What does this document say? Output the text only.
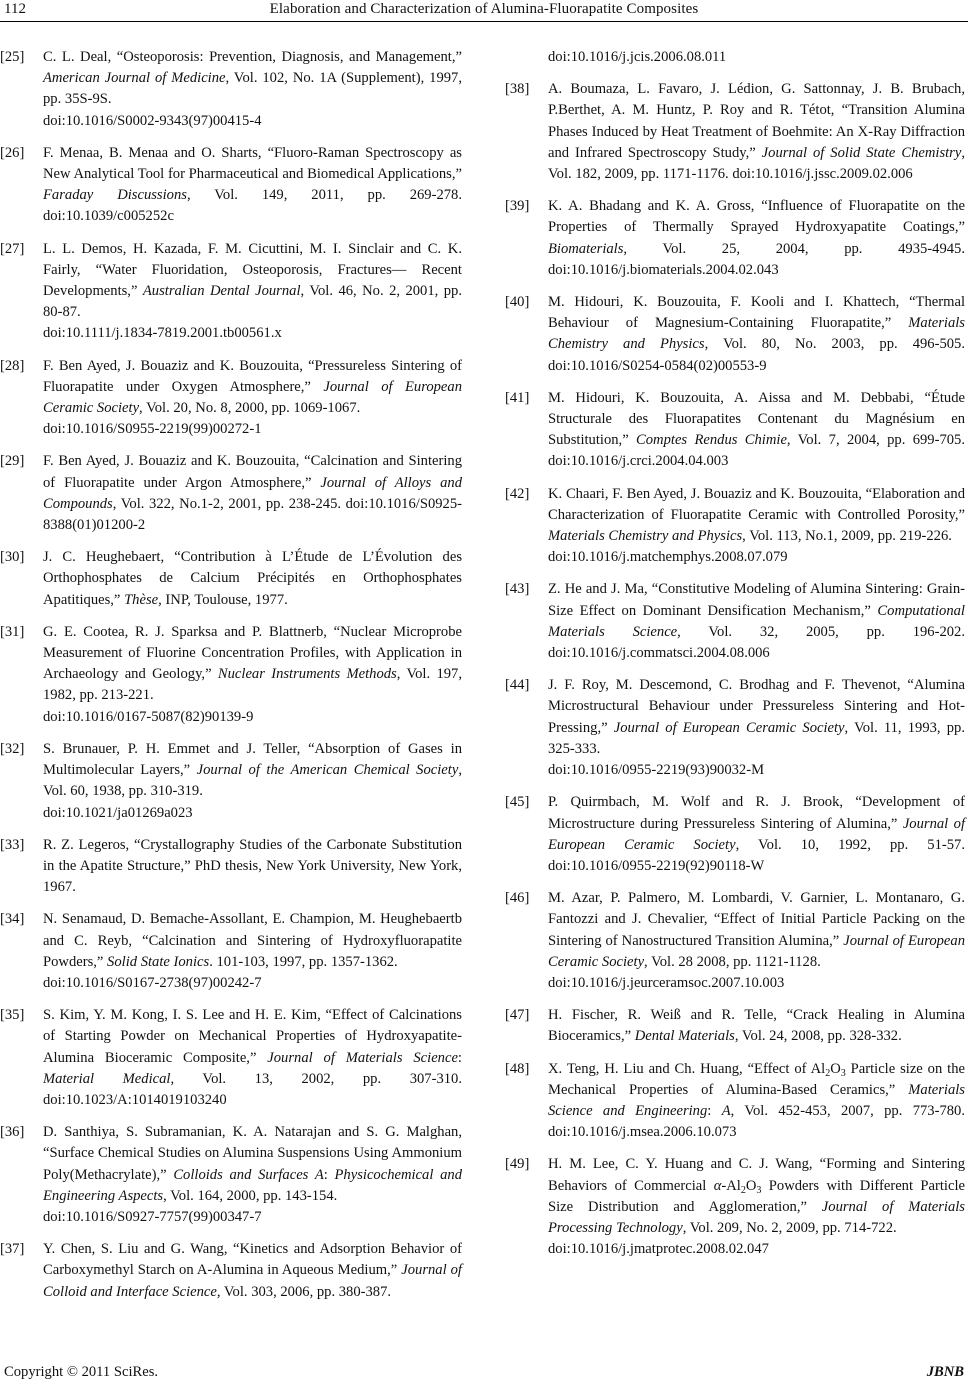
112	Elaboration and Characterization of Alumina-Fluorapatite Composites
[25] C. L. Deal, “Osteoporosis: Prevention, Diagnosis, and Management,” American Journal of Medicine, Vol. 102, No. 1A (Supplement), 1997, pp. 35S-9S.
doi:10.1016/S0002-9343(97)00415-4
[26] F. Menaa, B. Menaa and O. Sharts, “Fluoro-Raman Spectroscopy as New Analytical Tool for Pharmaceutical and Biomedical Applications,” Faraday Discussions, Vol. 149, 2011, pp. 269-278. doi:10.1039/c005252c
[27] L. L. Demos, H. Kazada, F. M. Cicuttini, M. I. Sinclair and C. K. Fairly, “Water Fluoridation, Osteoporosis, Fractures— Recent Developments,” Australian Dental Journal, Vol. 46, No. 2, 2001, pp. 80-87.
doi:10.1111/j.1834-7819.2001.tb00561.x
[28] F. Ben Ayed, J. Bouaziz and K. Bouzouita, “Pressureless Sintering of Fluorapatite under Oxygen Atmosphere,” Journal of European Ceramic Society, Vol. 20, No. 8, 2000, pp. 1069-1067.
doi:10.1016/S0955-2219(99)00272-1
[29] F. Ben Ayed, J. Bouaziz and K. Bouzouita, “Calcination and Sintering of Fluorapatite under Argon Atmosphere,” Journal of Alloys and Compounds, Vol. 322, No.1-2, 2001, pp. 238-245. doi:10.1016/S0925-8388(01)01200-2
[30] J. C. Heughebaert, “Contribution à L’Étude de L’Évolution des Orthophosphates de Calcium Précipités en Orthophosphates Apatitiques,” Thèse, INP, Toulouse, 1977.
[31] G. E. Cootea, R. J. Sparksa and P. Blattnerb, “Nuclear Microprobe Measurement of Fluorine Concentration Profiles, with Application in Archaeology and Geology,” Nuclear Instruments Methods, Vol. 197, 1982, pp. 213-221.
doi:10.1016/0167-5087(82)90139-9
[32] S. Brunauer, P. H. Emmet and J. Teller, “Absorption of Gases in Multimolecular Layers,” Journal of the American Chemical Society, Vol. 60, 1938, pp. 310-319.
doi:10.1021/ja01269a023
[33] R. Z. Legeros, “Crystallography Studies of the Carbonate Substitution in the Apatite Structure,” PhD thesis, New York University, New York, 1967.
[34] N. Senamaud, D. Bemache-Assollant, E. Champion, M. Heughebaertb and C. Reyb, “Calcination and Sintering of Hydroxyfluorapatite Powders,” Solid State Ionics. 101-103, 1997, pp. 1357-1362.
doi:10.1016/S0167-2738(97)00242-7
[35] S. Kim, Y. M. Kong, I. S. Lee and H. E. Kim, “Effect of Calcinations of Starting Powder on Mechanical Properties of Hydroxyapatite-Alumina Bioceramic Composite,” Journal of Materials Science: Material Medical, Vol. 13, 2002, pp. 307-310. doi:10.1023/A:1014019103240
[36] D. Santhiya, S. Subramanian, K. A. Natarajan and S. G. Malghan, “Surface Chemical Studies on Alumina Suspensions Using Ammonium Poly(Methacrylate),” Colloids and Surfaces A: Physicochemical and Engineering Aspects, Vol. 164, 2000, pp. 143-154.
doi:10.1016/S0927-7757(99)00347-7
[37] Y. Chen, S. Liu and G. Wang, “Kinetics and Adsorption Behavior of Carboxymethyl Starch on A-Alumina in Aqueous Medium,” Journal of Colloid and Interface Science, Vol. 303, 2006, pp. 380-387.
doi:10.1016/j.jcis.2006.08.011
[38] A. Boumaza, L. Favaro, J. Lédion, G. Sattonnay, J. B. Brubach, P.Berthet, A. M. Huntz, P. Roy and R. Tétot, “Transition Alumina Phases Induced by Heat Treatment of Boehmite: An X-Ray Diffraction and Infrared Spectroscopy Study,” Journal of Solid State Chemistry, Vol. 182, 2009, pp. 1171-1176. doi:10.1016/j.jssc.2009.02.006
[39] K. A. Bhadang and K. A. Gross, “Influence of Fluorapatite on the Properties of Thermally Sprayed Hydroxyapatite Coatings,” Biomaterials, Vol. 25, 2004, pp. 4935-4945. doi:10.1016/j.biomaterials.2004.02.043
[40] M. Hidouri, K. Bouzouita, F. Kooli and I. Khattech, “Thermal Behaviour of Magnesium-Containing Fluorapatite,” Materials Chemistry and Physics, Vol. 80, No. 2003, pp. 496-505. doi:10.1016/S0254-0584(02)00553-9
[41] M. Hidouri, K. Bouzouita, A. Aissa and M. Debbabi, “Étude Structurale des Fluorapatites Contenant du Magnésium en Substitution,” Comptes Rendus Chimie, Vol. 7, 2004, pp. 699-705. doi:10.1016/j.crci.2004.04.003
[42] K. Chaari, F. Ben Ayed, J. Bouaziz and K. Bouzouita, “Elaboration and Characterization of Fluorapatite Ceramic with Controlled Porosity,” Materials Chemistry and Physics, Vol. 113, No.1, 2009, pp. 219-226.
doi:10.1016/j.matchemphys.2008.07.079
[43] Z. He and J. Ma, “Constitutive Modeling of Alumina Sintering: Grain-Size Effect on Dominant Densification Mechanism,” Computational Materials Science, Vol. 32, 2005, pp. 196-202. doi:10.1016/j.commatsci.2004.08.006
[44] J. F. Roy, M. Descemond, C. Brodhag and F. Thevenot, “Alumina Microstructural Behaviour under Pressureless Sintering and Hot-Pressing,” Journal of European Ceramic Society, Vol. 11, 1993, pp. 325-333.
doi:10.1016/0955-2219(93)90032-M
[45] P. Quirmbach, M. Wolf and R. J. Brook, “Development of Microstructure during Pressureless Sintering of Alumina,” Journal of European Ceramic Society, Vol. 10, 1992, pp. 51-57. doi:10.1016/0955-2219(92)90118-W
[46] M. Azar, P. Palmero, M. Lombardi, V. Garnier, L. Montanaro, G. Fantozzi and J. Chevalier, “Effect of Initial Particle Packing on the Sintering of Nanostructured Transition Alumina,” Journal of European Ceramic Society, Vol. 28 2008, pp. 1121-1128.
doi:10.1016/j.jeurceramsoc.2007.10.003
[47] H. Fischer, R. Weiß and R. Telle, “Crack Healing in Alumina Bioceramics,” Dental Materials, Vol. 24, 2008, pp. 328-332.
[48] X. Teng, H. Liu and Ch. Huang, “Effect of $Al_2O_3$ Particle size on the Mechanical Properties of Alumina-Based Ceramics,” Materials Science and Engineering: A, Vol. 452-453, 2007, pp. 773-780. doi:10.1016/j.msea.2006.10.073
[49] H. M. Lee, C. Y. Huang and C. J. Wang, “Forming and Sintering Behaviors of Commercial $\alpha-Al_2O_3$ Powders with Different Particle Size Distribution and Agglomeration,” Journal of Materials Processing Technology, Vol. 209, No. 2, 2009, pp. 714-722.
doi:10.1016/j.jmatprotec.2008.02.047
Copyright © 2011 SciRes.	JBNB
